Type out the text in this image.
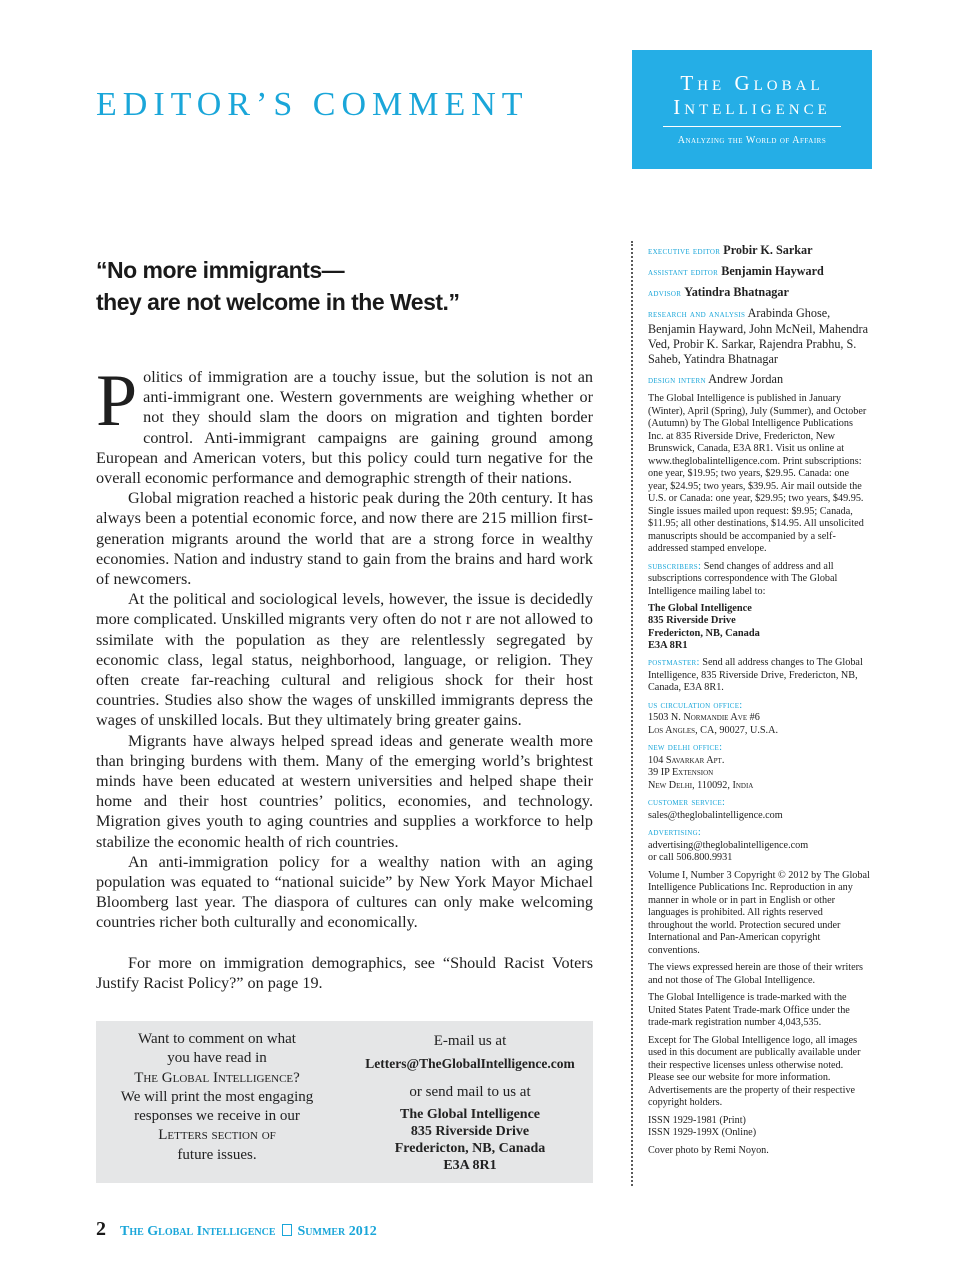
EDITOR’S COMMENT
The Global
Intelligence
Analyzing the World of Affairs
“No more immigrants—
they are not welcome in the West.”

Politics of immigration are a touchy issue, but the solution is not an anti-immigrant one. Western governments are weighing whether or not they should slam the doors on migration and tighten border control. Anti-immigrant campaigns are gaining ground among European and American voters, but this policy could turn negative for the overall economic performance and demographic strength of their nations.

Global migration reached a historic peak during the 20th century. It has always been a potential economic force, and now there are 215 million first-generation migrants around the world that are a strong force in wealthy economies. Nation and industry stand to gain from the brains and hard work of newcomers.

At the political and sociological levels, however, the issue is decidedly more complicated. Unskilled migrants very often do not r are not allowed to ssimilate with the population as they are relentlessly segregated by economic class, legal status, neighborhood, language, or religion. They often create far-reaching cultural and religious shock for their host countries. Studies also show the wages of unskilled immigrants depress the wages of unskilled locals. But they ultimately bring greater gains.

Migrants have always helped spread ideas and generate wealth more than bringing burdens with them. Many of the emerging world’s brightest minds have been educated at western universities and helped shape their home and their host countries’ politics, economies, and technology. Migration gives youth to aging countries and supplies a workforce to help stabilize the economic health of rich countries.

An anti-immigration policy for a wealthy nation with an aging population was equated to “national suicide” by New York Mayor Michael Bloomberg last year. The diaspora of cultures can only make welcoming countries richer both culturally and economically.

For more on immigration demographics, see “Should Racist Voters Justify Racist Policy?” on page 19.

Want to comment on what
you have read in
The Global Intelligence?
We will print the most engaging
responses we receive in our
Letters section of
future issues.
E-mail us at
Letters@TheGlobalIntelligence.com
or send mail to us at
The Global Intelligence
835 Riverside Drive
Fredericton, NB, Canada
E3A 8R1
2 The Global Intelligence Summer 2012
executive editor Probir K. Sarkar
assistant editor Benjamin Hayward
advisor Yatindra Bhatnagar
research and analysis Arabinda Ghose, Benjamin Hayward, John McNeil, Mahendra Ved, Probir K. Sarkar, Rajendra Prabhu, S. Saheb, Yatindra Bhatnagar
design intern Andrew Jordan
The Global Intelligence is published in January (Winter), April (Spring), July (Summer), and October (Autumn) by The Global Intelligence Publications Inc. at 835 Riverside Drive, Fredericton, New Brunswick, Canada, E3A 8R1. Visit us online at www.theglobalintelligence.com. Print subscriptions: one year, $19.95; two years, $29.95. Canada: one year, $24.95; two years, $39.95. Air mail outside the U.S. or Canada: one year, $29.95; two years, $49.95. Single issues mailed upon request: $9.95; Canada, $11.95; all other destinations, $14.95. All unsolicited manuscripts should be accompanied by a self-addressed stamped envelope.
subscribers: Send changes of address and all subscriptions correspondence with The Global Intelligence mailing label to:
The Global Intelligence
835 Riverside Drive
Fredericton, NB, Canada
E3A 8R1
postmaster: Send all address changes to The Global Intelligence, 835 Riverside Drive, Fredericton, NB, Canada, E3A 8R1.
us circulation office:
1503 N. Normandie Ave #6
Los Angles, CA, 90027, U.S.A.
new delhi office:
104 Savarkar Apt.
39 IP Extension
New Delhi, 110092, India
customer service:
sales@theglobalintelligence.com
advertising:
advertising@theglobalintelligence.com
or call 506.800.9931
Volume I, Number 3 Copyright © 2012 by The Global Intelligence Publications Inc. Reproduction in any manner in whole or in part in English or other languages is prohibited. All rights reserved throughout the world. Protection secured under International and Pan-American copyright conventions.
The views expressed herein are those of their writers and not those of The Global Intelligence.
The Global Intelligence is trade-marked with the United States Patent Trade-mark Office under the trade-mark registration number 4,043,535.
Except for The Global Intelligence logo, all images used in this document are publically available under their respective licenses unless otherwise noted. Please see our website for more information. Advertisements are the property of their respective copyright holders.
ISSN 1929-1981 (Print)
ISSN 1929-199X (Online)
Cover photo by Remi Noyon.
